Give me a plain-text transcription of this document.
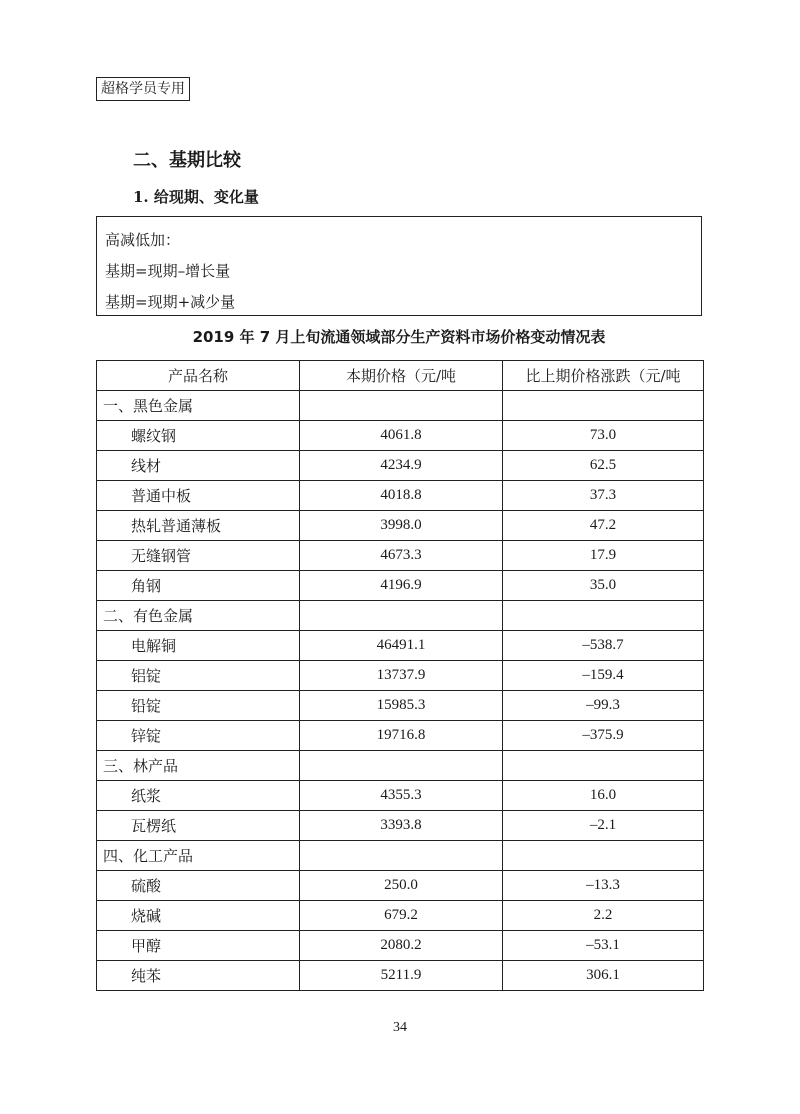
超格学员专用
二、基期比较
1. 给现期、变化量
高减低加：
基期=现期–增长量
基期=现期+减少量
2019 年 7 月上旬流通领域部分生产资料市场价格变动情况表
产品名称	本期价格（元/吨	比上期价格涨跌（元/吨
一、黑色金属		
螺纹钢	4061.8	73.0
线材	4234.9	62.5
普通中板	4018.8	37.3
热轧普通薄板	3998.0	47.2
无缝钢管	4673.3	17.9
角钢	4196.9	35.0
二、有色金属		
电解铜	46491.1	–538.7
铝锭	13737.9	–159.4
铅锭	15985.3	–99.3
锌锭	19716.8	–375.9
三、林产品		
纸浆	4355.3	16.0
瓦楞纸	3393.8	–2.1
四、化工产品		
硫酸	250.0	–13.3
烧碱	679.2	2.2
甲醇	2080.2	–53.1
纯苯	5211.9	306.1
34
